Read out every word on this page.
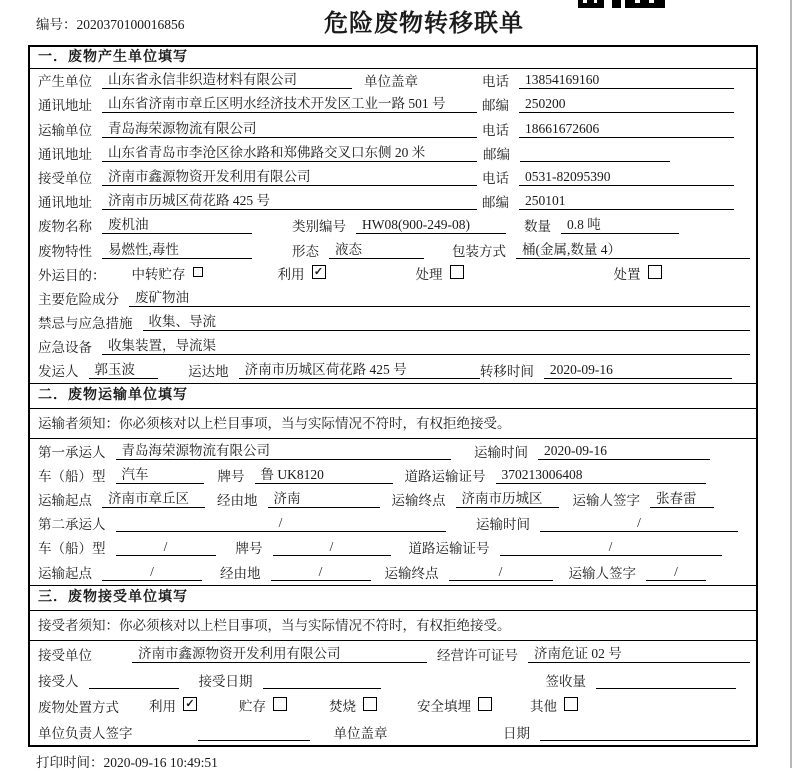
编号：2020370100016856	危险废物转移联单
一．废物产生单位填写
产生单位	山东省永信非织造材料有限公司	单位盖章	电话	13854169160
通讯地址	山东省济南市章丘区明水经济技术开发区工业一路 501 号	邮编	250200
运输单位	青岛海荣源物流有限公司	电话	18661672606
通讯地址	山东省青岛市李沧区徐水路和郑佛路交叉口东侧 20 米	邮编
接受单位	济南市鑫源物资开发利用有限公司	电话	0531-82095390
通讯地址	济南市历城区荷花路 425 号	邮编	250101
废物名称	废机油	类别编号	HW08(900-249-08)	数量	0.8 吨
废物特性	易燃性,毒性	形态	液态	包装方式	桶(金属,数量 4）
外运目的：	中转贮存	利用 ✓	处理	处置
主要危险成分	废矿物油
禁忌与应急措施	收集、导流
应急设备	收集装置，导流渠
发运人	郭玉波	运达地	济南市历城区荷花路 425 号	转移时间	2020-09-16
二．废物运输单位填写
运输者须知：你必须核对以上栏目事项，当与实际情况不符时，有权拒绝接受。
第一承运人	青岛海荣源物流有限公司	运输时间	2020-09-16
车（船）型	汽车	牌号	鲁 UK8120	道路运输证号	370213006408
运输起点	济南市章丘区	经由地	济南	运输终点	济南市历城区	运输人签字	张春雷
第二承运人	/	运输时间	/
车（船）型	/	牌号	/	道路运输证号	/
运输起点	/	经由地	/	运输终点	/	运输人签字	/
三．废物接受单位填写
接受者须知：你必须核对以上栏目事项，当与实际情况不符时，有权拒绝接受。
接受单位	济南市鑫源物资开发利用有限公司	经营许可证号	济南危证 02 号
接受人	接受日期	签收量
废物处置方式	利用 ✓	贮存	焚烧	安全填埋	其他
单位负责人签字	单位盖章	日期
打印时间：2020-09-16 10:49:51
